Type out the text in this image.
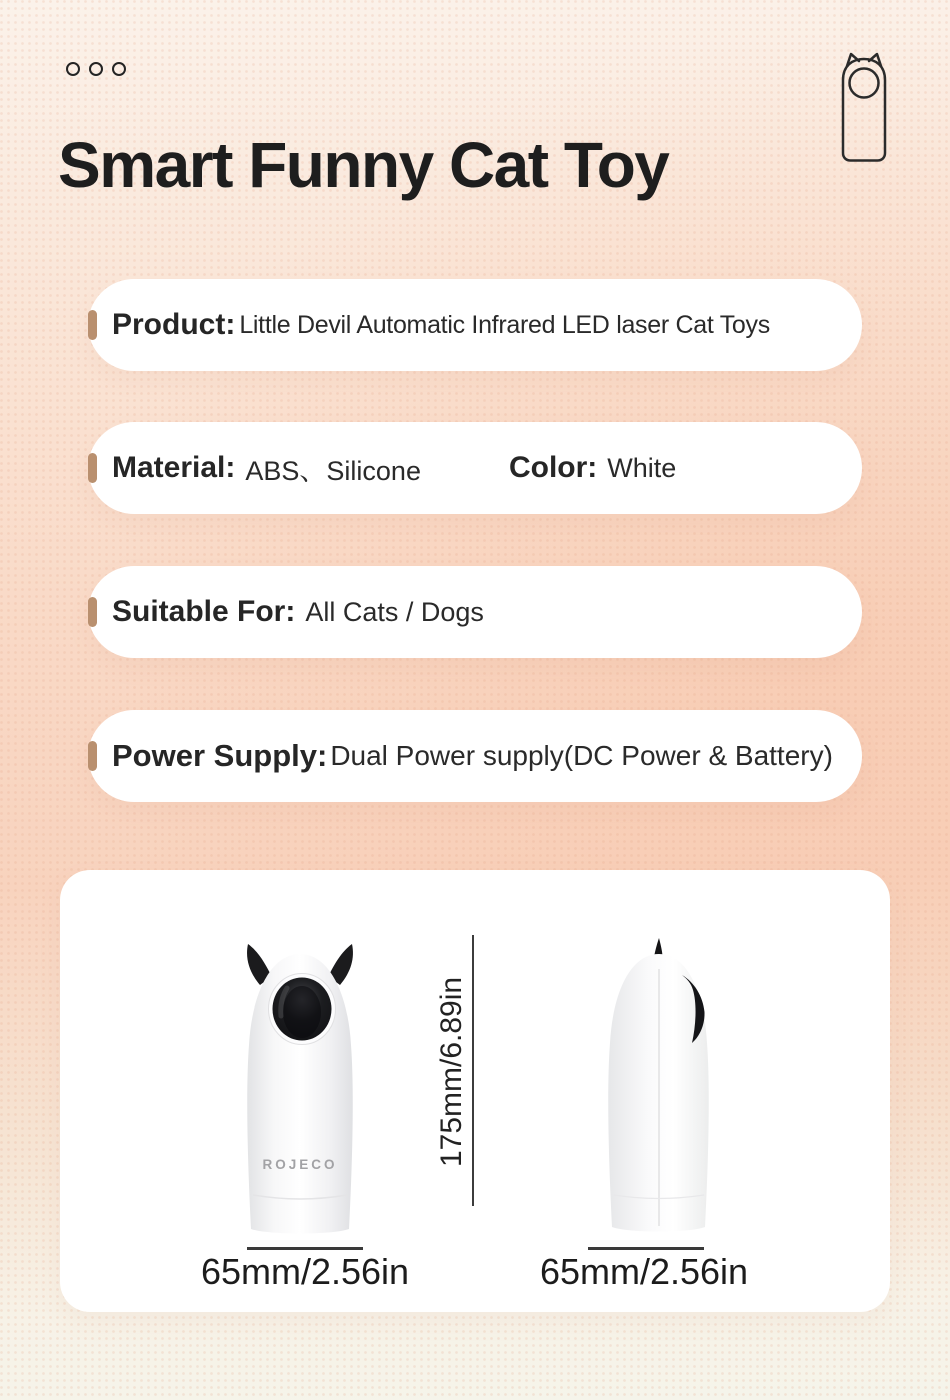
Smart Funny Cat Toy
Product: Little Devil Automatic Infrared LED laser Cat Toys
Material: ABS、Silicone	Color: White
Suitable For: All Cats / Dogs
Power Supply: Dual Power supply(DC Power & Battery)
ROJECO	175mm/6.89in
65mm/2.56in	65mm/2.56in
